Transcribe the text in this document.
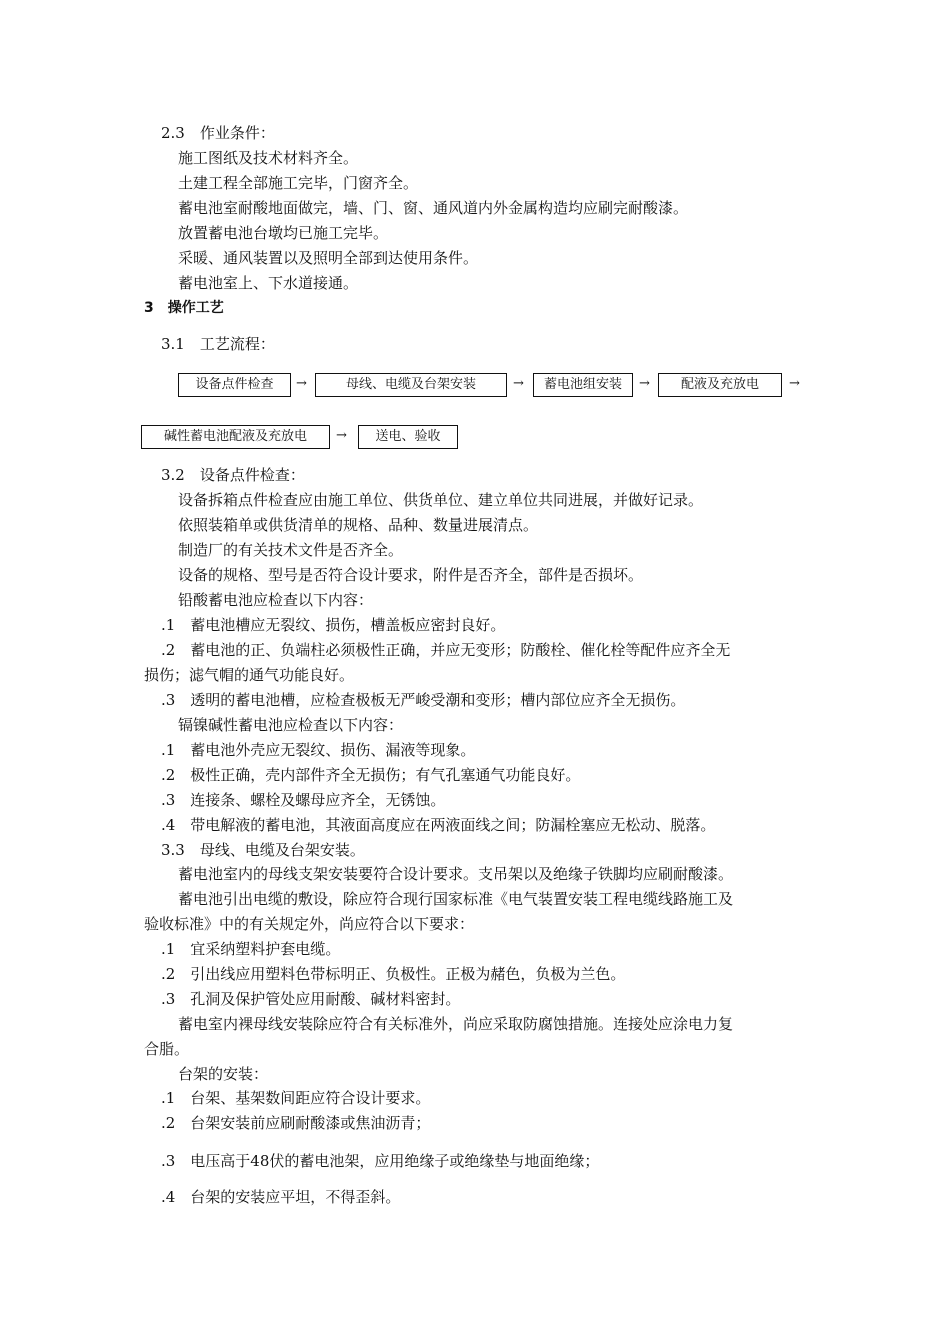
2.3　作业条件：
施工图纸及技术材料齐全。
土建工程全部施工完毕，门窗齐全。
蓄电池室耐酸地面做完，墙、门、窗、通风道内外金属构造均应刷完耐酸漆。
放置蓄电池台墩均已施工完毕。
采暖、通风装置以及照明全部到达使用条件。
蓄电池室上、下水道接通。
3　操作工艺
3.1　工艺流程：
设备点件检查	→	母线、电缆及台架安装	→	蓄电池组安装	→	配液及充放电	→
碱性蓄电池配液及充放电	→	送电、验收
3.2　设备点件检查：
设备拆箱点件检查应由施工单位、供货单位、建立单位共同进展，并做好记录。
依照装箱单或供货清单的规格、品种、数量进展清点。
制造厂的有关技术文件是否齐全。
设备的规格、型号是否符合设计要求，附件是否齐全，部件是否损坏。
铅酸蓄电池应检查以下内容：
.1　蓄电池槽应无裂纹、损伤，槽盖板应密封良好。
.2　蓄电池的正、负端柱必须极性正确，并应无变形；防酸栓、催化栓等配件应齐全无
损伤；滤气帽的通气功能良好。
.3　透明的蓄电池槽，应检查极板无严峻受潮和变形；槽内部位应齐全无损伤。
镉镍碱性蓄电池应检查以下内容：
.1　蓄电池外壳应无裂纹、损伤、漏液等现象。
.2　极性正确，壳内部件齐全无损伤；有气孔塞通气功能良好。
.3　连接条、螺栓及螺母应齐全，无锈蚀。
.4　带电解液的蓄电池，其液面高度应在两液面线之间；防漏栓塞应无松动、脱落。
3.3　母线、电缆及台架安装。
蓄电池室内的母线支架安装要符合设计要求。支吊架以及绝缘子铁脚均应刷耐酸漆。
蓄电池引出电缆的敷设，除应符合现行国家标准《电气装置安装工程电缆线路施工及
验收标准》中的有关规定外，尚应符合以下要求：
.1　宜采纳塑料护套电缆。
.2　引出线应用塑料色带标明正、负极性。正极为赭色，负极为兰色。
.3　孔洞及保护管处应用耐酸、碱材料密封。
蓄电室内裸母线安装除应符合有关标准外，尚应采取防腐蚀措施。连接处应涂电力复
合脂。
台架的安装：
.1　台架、基架数间距应符合设计要求。
.2　台架安装前应刷耐酸漆或焦油沥青；
.3　电压高于48伏的蓄电池架，应用绝缘子或绝缘垫与地面绝缘；
.4　台架的安装应平坦，不得歪斜。
